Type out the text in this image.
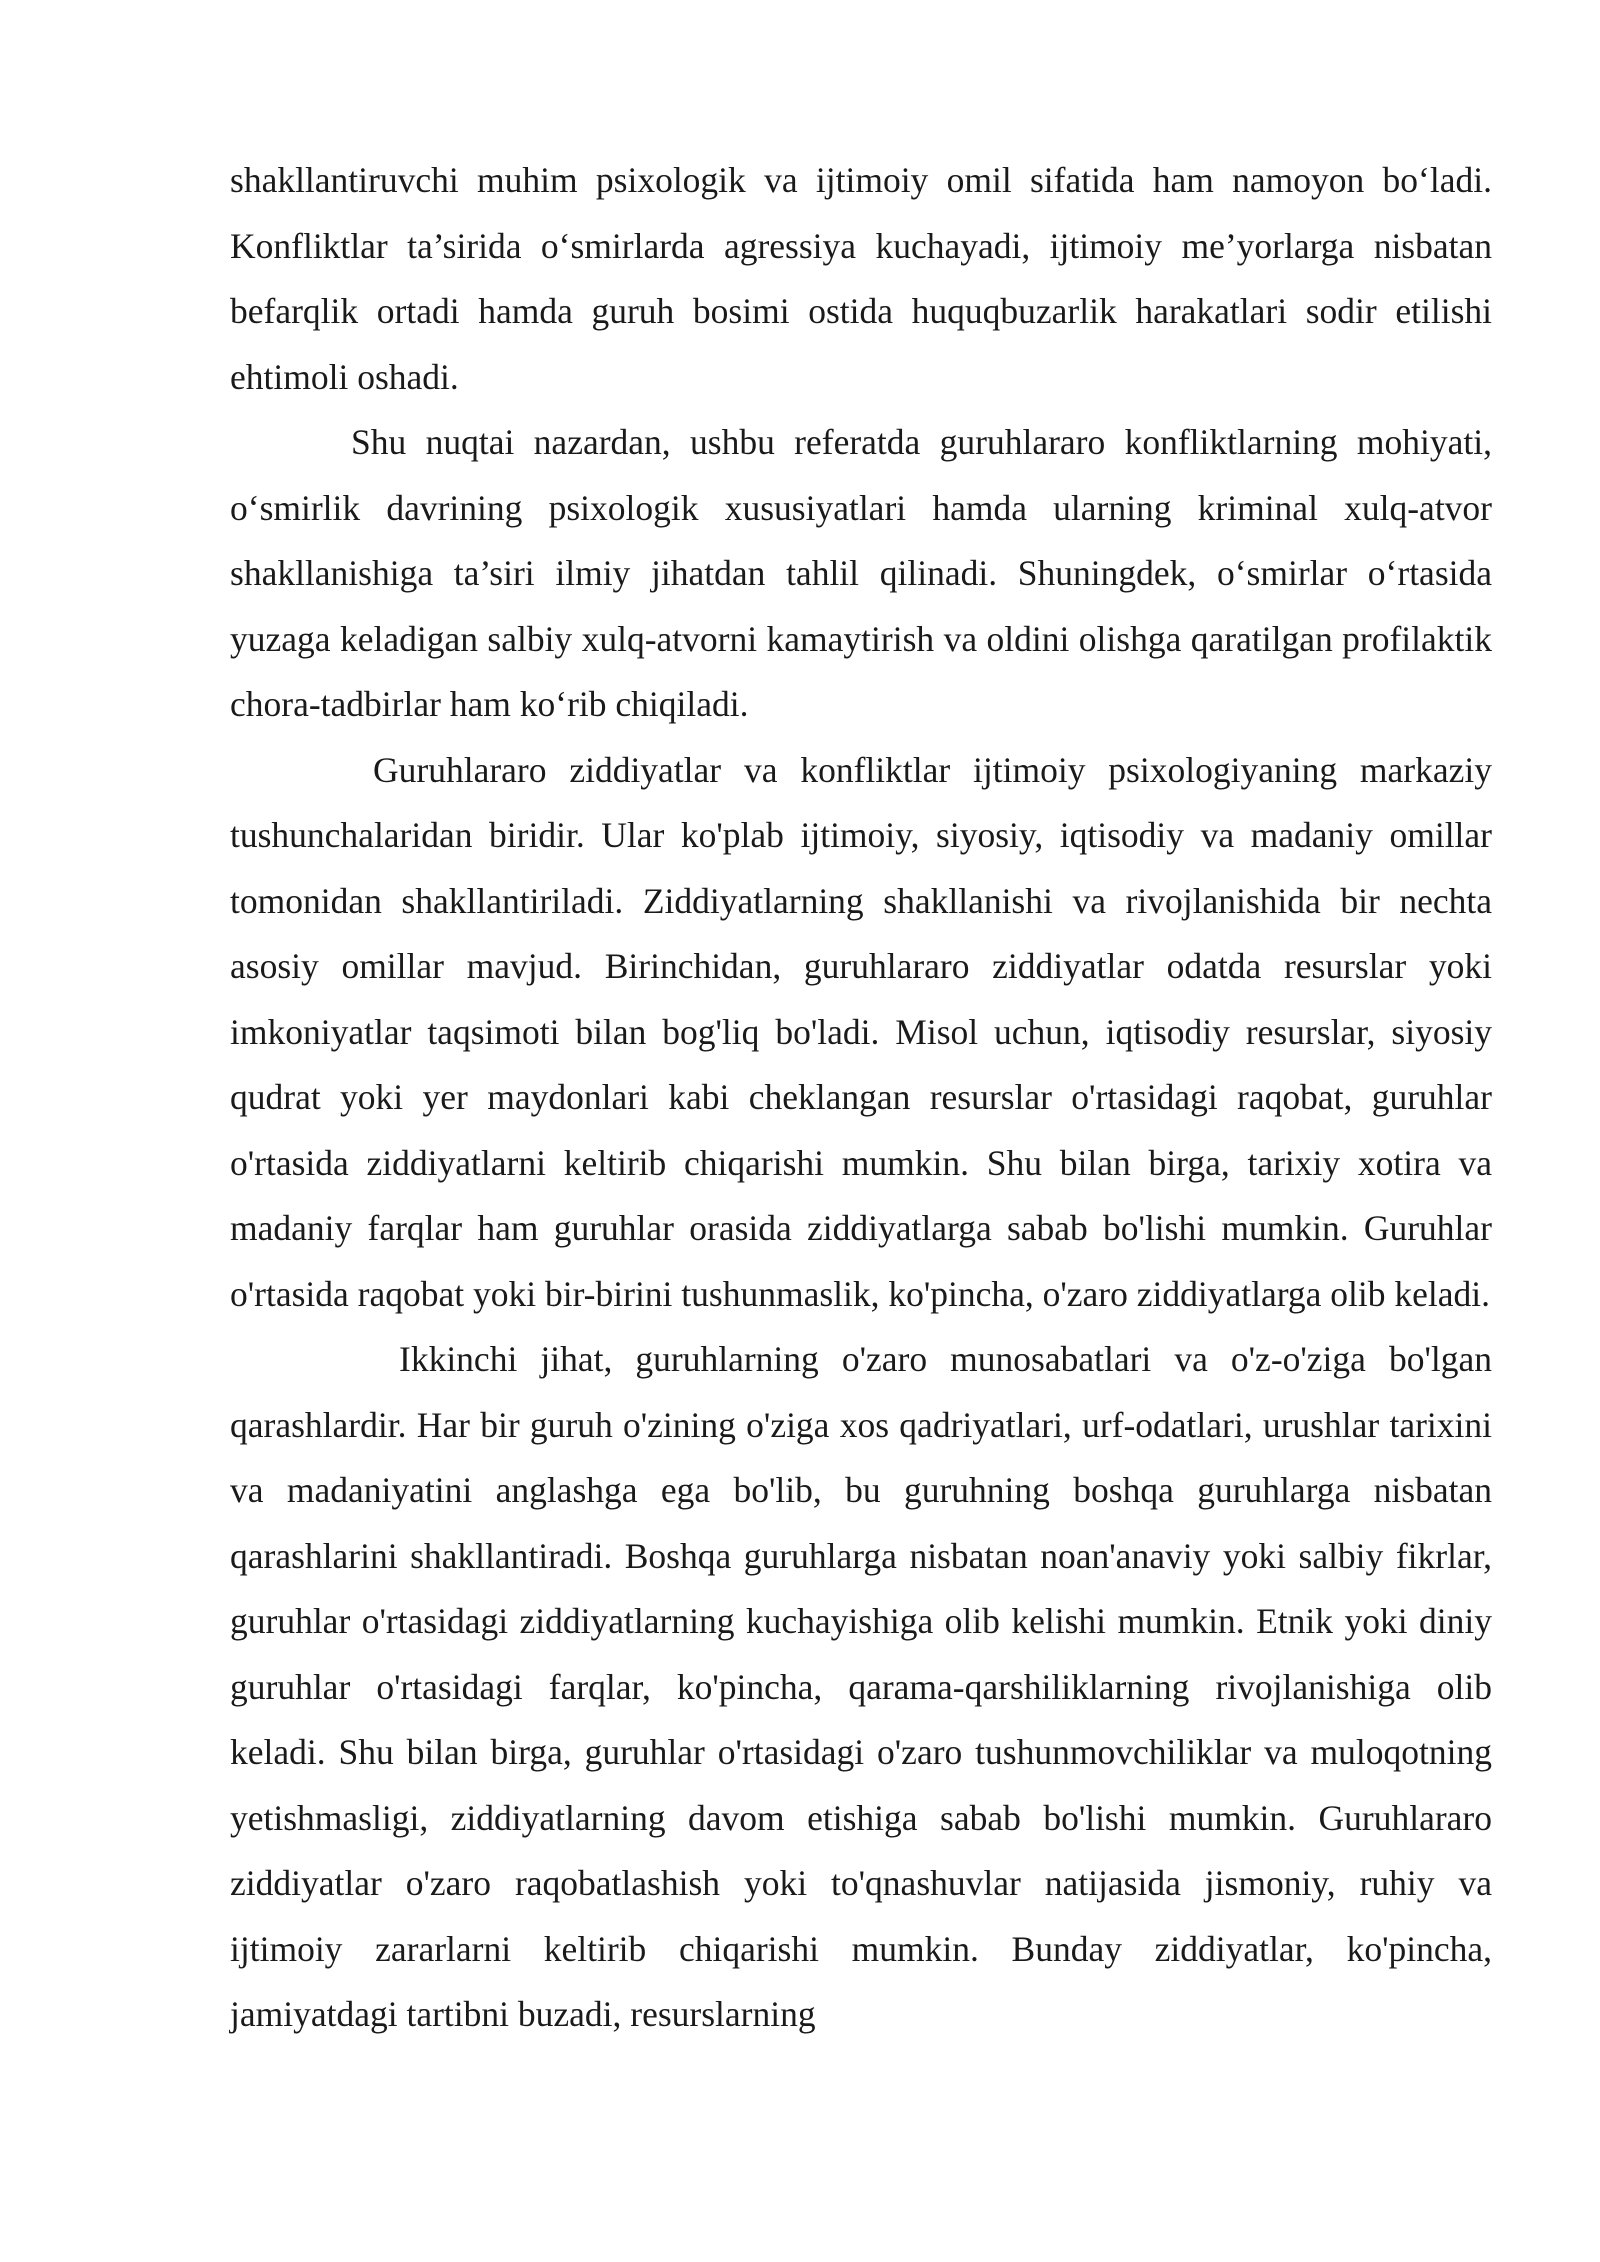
shakllantiruvchi muhim psixologik va ijtimoiy omil sifatida ham namoyon bo‘ladi. Konfliktlar ta’sirida o‘smirlarda agressiya kuchayadi, ijtimoiy me’yorlarga nisbatan befarqlik ortadi hamda guruh bosimi ostida huquqbuzarlik harakatlari sodir etilishi ehtimoli oshadi.

Shu nuqtai nazardan, ushbu referatda guruhlararo konfliktlarning mohiyati, o‘smirlik davrining psixologik xususiyatlari hamda ularning kriminal xulq-atvor shakllanishiga ta’siri ilmiy jihatdan tahlil qilinadi. Shuningdek, o‘smirlar o‘rtasida yuzaga keladigan salbiy xulq-atvorni kamaytirish va oldini olishga qaratilgan profilaktik chora-tadbirlar ham ko‘rib chiqiladi.

Guruhlararo ziddiyatlar va konfliktlar ijtimoiy psixologiyaning markaziy tushunchalaridan biridir. Ular ko'plab ijtimoiy, siyosiy, iqtisodiy va madaniy omillar tomonidan shakllantiriladi. Ziddiyatlarning shakllanishi va rivojlanishida bir nechta asosiy omillar mavjud. Birinchidan, guruhlararo ziddiyatlar odatda resurslar yoki imkoniyatlar taqsimoti bilan bog'liq bo'ladi. Misol uchun, iqtisodiy resurslar, siyosiy qudrat yoki yer maydonlari kabi cheklangan resurslar o'rtasidagi raqobat, guruhlar o'rtasida ziddiyatlarni keltirib chiqarishi mumkin. Shu bilan birga, tarixiy xotira va madaniy farqlar ham guruhlar orasida ziddiyatlarga sabab bo'lishi mumkin. Guruhlar o'rtasida raqobat yoki bir-birini tushunmaslik, ko'pincha, o'zaro ziddiyatlarga olib keladi.

Ikkinchi jihat, guruhlarning o'zaro munosabatlari va o'z-o'ziga bo'lgan qarashlardir. Har bir guruh o'zining o'ziga xos qadriyatlari, urf-odatlari, urushlar tarixini va madaniyatini anglashga ega bo'lib, bu guruhning boshqa guruhlarga nisbatan qarashlarini shakllantiradi. Boshqa guruhlarga nisbatan noan'anaviy yoki salbiy fikrlar, guruhlar o'rtasidagi ziddiyatlarning kuchayishiga olib kelishi mumkin. Etnik yoki diniy guruhlar o'rtasidagi farqlar, ko'pincha, qarama-qarshiliklarning rivojlanishiga olib keladi. Shu bilan birga, guruhlar o'rtasidagi o'zaro tushunmovchiliklar va muloqotning yetishmasligi, ziddiyatlarning davom etishiga sabab bo'lishi mumkin. Guruhlararo ziddiyatlar o'zaro raqobatlashish yoki to'qnashuvlar natijasida jismoniy, ruhiy va ijtimoiy zararlarni keltirib chiqarishi mumkin. Bunday ziddiyatlar, ko'pincha, jamiyatdagi tartibni buzadi, resurslarning
